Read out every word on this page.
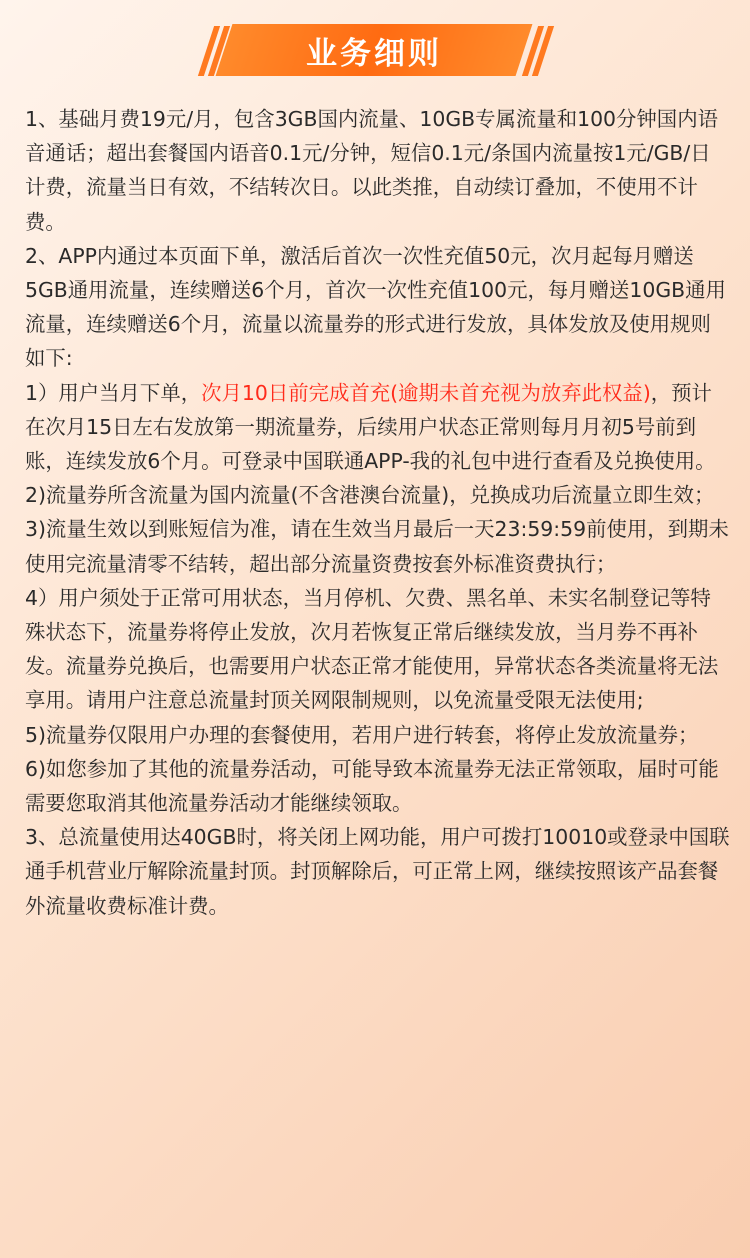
业务细则

1、基础月费19元/月，包含3GB国内流量、10GB专属流量和100分钟国内语音通话；超出套餐国内语音0.1元/分钟，短信0.1元/条国内流量按1元/GB/日计费，流量当日有效，不结转次日。以此类推，自动续订叠加，不使用不计费。

2、APP内通过本页面下单，激活后首次一次性充值50元，次月起每月赠送5GB通用流量，连续赠送6个月，首次一次性充值100元，每月赠送10GB通用流量，连续赠送6个月，流量以流量券的形式进行发放，具体发放及使用规则如下:

1）用户当月下单，次月10日前完成首充(逾期未首充视为放弃此权益)，预计在次月15日左右发放第一期流量券，后续用户状态正常则每月月初5号前到账，连续发放6个月。可登录中国联通APP-我的礼包中进行查看及兑换使用。

2)流量券所含流量为国内流量(不含港澳台流量)，兑换成功后流量立即生效；

3)流量生效以到账短信为准，请在生效当月最后一天23:59:59前使用，到期未使用完流量清零不结转，超出部分流量资费按套外标准资费执行；

4）用户须处于正常可用状态，当月停机、欠费、黑名单、未实名制登记等特殊状态下，流量券将停止发放，次月若恢复正常后继续发放，当月券不再补发。流量券兑换后，也需要用户状态正常才能使用，异常状态各类流量将无法享用。请用户注意总流量封顶关网限制规则，以免流量受限无法使用;

5)流量券仅限用户办理的套餐使用，若用户进行转套，将停止发放流量券；

6)如您参加了其他的流量券活动，可能导致本流量券无法正常领取，届时可能需要您取消其他流量券活动才能继续领取。

3、总流量使用达40GB时，将关闭上网功能，用户可拨打10010或登录中国联通手机营业厅解除流量封顶。封顶解除后，可正常上网，继续按照该产品套餐外流量收费标准计费。
